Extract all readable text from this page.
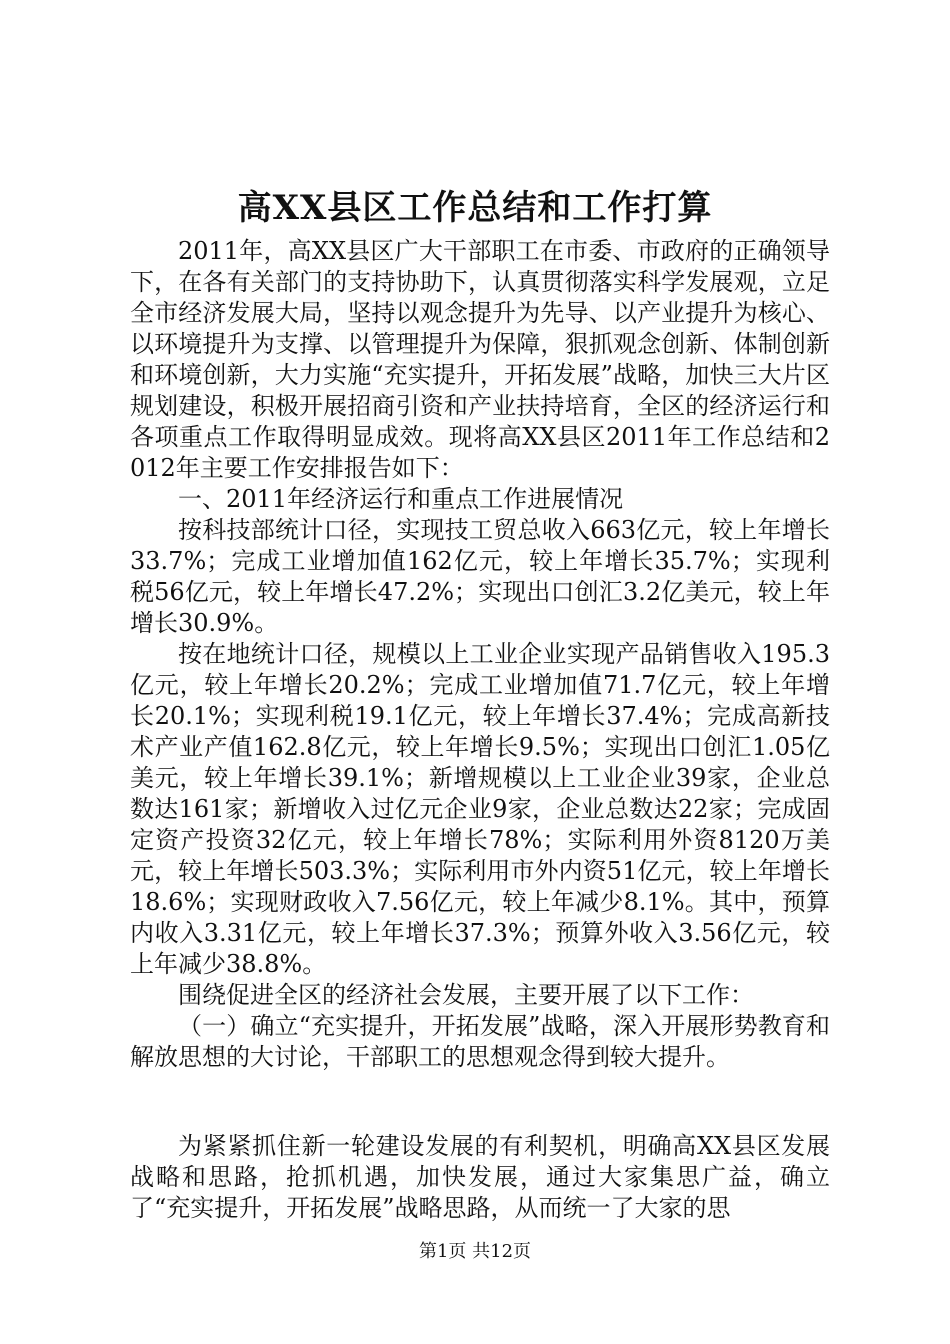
高XX县区工作总结和工作打算

2011年，高XX县区广大干部职工在市委、市政府的正确领导下，在各有关部门的支持协助下，认真贯彻落实科学发展观，立足全市经济发展大局，坚持以观念提升为先导、以产业提升为核心、以环境提升为支撑、以管理提升为保障，狠抓观念创新、体制创新和环境创新，大力实施“充实提升，开拓发展”战略，加快三大片区规划建设，积极开展招商引资和产业扶持培育，全区的经济运行和各项重点工作取得明显成效。现将高XX县区2011年工作总结和2012年主要工作安排报告如下：

一、2011年经济运行和重点工作进展情况

按科技部统计口径，实现技工贸总收入663亿元，较上年增长33.7%；完成工业增加值162亿元，较上年增长35.7%；实现利税56亿元，较上年增长47.2%；实现出口创汇3.2亿美元，较上年增长30.9%。

按在地统计口径，规模以上工业企业实现产品销售收入195.3亿元，较上年增长20.2%；完成工业增加值71.7亿元，较上年增长20.1%；实现利税19.1亿元，较上年增长37.4%；完成高新技术产业产值162.8亿元，较上年增长9.5%；实现出口创汇1.05亿美元，较上年增长39.1%；新增规模以上工业企业39家，企业总数达161家；新增收入过亿元企业9家，企业总数达22家；完成固定资产投资32亿元，较上年增长78%；实际利用外资8120万美元，较上年增长503.3%；实际利用市外内资51亿元，较上年增长18.6%；实现财政收入7.56亿元，较上年减少8.1%。其中，预算内收入3.31亿元，较上年增长37.3%；预算外收入3.56亿元，较上年减少38.8%。

围绕促进全区的经济社会发展，主要开展了以下工作：

（一）确立“充实提升，开拓发展”战略，深入开展形势教育和解放思想的大讨论，干部职工的思想观念得到较大提升。

为紧紧抓住新一轮建设发展的有利契机，明确高XX县区发展战略和思路，抢抓机遇，加快发展，通过大家集思广益，确立了“充实提升，开拓发展”战略思路，从而统一了大家的思

第1页 共12页
